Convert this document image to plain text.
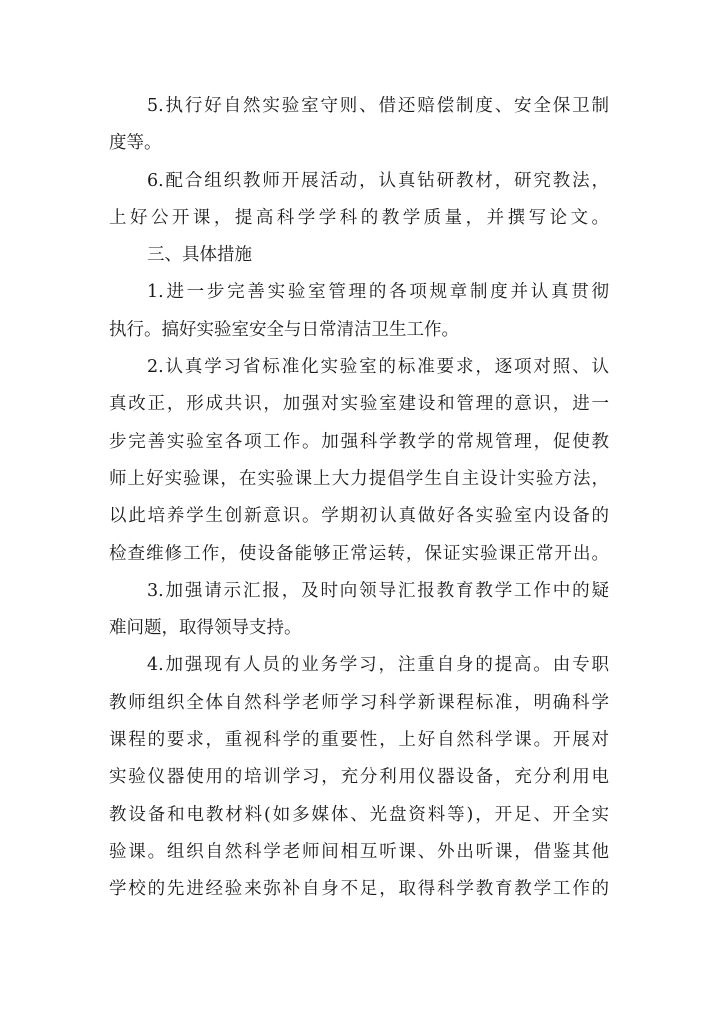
5.执行好自然实验室守则、借还赔偿制度、安全保卫制
度等。
6.配合组织教师开展活动，认真钻研教材，研究教法，
上好公开课，提高科学学科的教学质量，并撰写论文。
三、具体措施
1.进一步完善实验室管理的各项规章制度并认真贯彻
执行。搞好实验室安全与日常清洁卫生工作。
2.认真学习省标准化实验室的标准要求，逐项对照、认
真改正，形成共识，加强对实验室建设和管理的意识，进一
步完善实验室各项工作。加强科学教学的常规管理，促使教
师上好实验课，在实验课上大力提倡学生自主设计实验方法，
以此培养学生创新意识。学期初认真做好各实验室内设备的
检查维修工作，使设备能够正常运转，保证实验课正常开出。
3.加强请示汇报，及时向领导汇报教育教学工作中的疑
难问题，取得领导支持。
4.加强现有人员的业务学习，注重自身的提高。由专职
教师组织全体自然科学老师学习科学新课程标准，明确科学
课程的要求，重视科学的重要性，上好自然科学课。开展对
实验仪器使用的培训学习，充分利用仪器设备，充分利用电
教设备和电教材料(如多媒体、光盘资料等)，开足、开全实
验课。组织自然科学老师间相互听课、外出听课，借鉴其他
学校的先进经验来弥补自身不足，取得科学教育教学工作的
